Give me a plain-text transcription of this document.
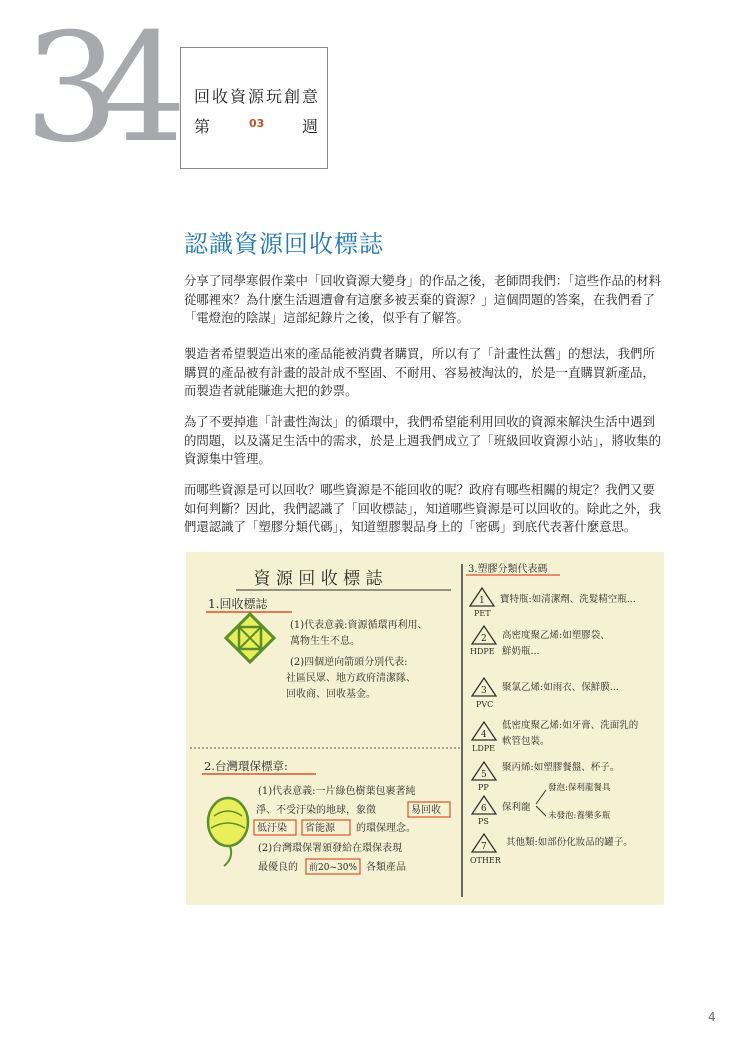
34 回收資源玩創意
第	03 週
認識資源回收標誌

分享了同學寒假作業中「回收資源大變身」的作品之後，老師問我們：「這些作品的材料從哪裡來？為什麼生活週遭會有這麼多被丟棄的資源？」這個問題的答案，在我們看了「電燈泡的陰謀」這部紀錄片之後，似乎有了解答。

製造者希望製造出來的產品能被消費者購買，所以有了「計畫性汰舊」的想法，我們所購買的產品被有計畫的設計成不堅固、不耐用、容易被淘汰的，於是一直購買新產品，而製造者就能賺進大把的鈔票。

為了不要掉進「計畫性淘汰」的循環中，我們希望能利用回收的資源來解決生活中遇到的問題，以及滿足生活中的需求，於是上週我們成立了「班級回收資源小站」，將收集的資源集中管理。

而哪些資源是可以回收？哪些資源是不能回收的呢？政府有哪些相關的規定？我們又要如何判斷？因此，我們認識了「回收標誌」，知道哪些資源是可以回收的。除此之外，我們還認識了「塑膠分類代碼」，知道塑膠製品身上的「密碼」到底代表著什麼意思。

資 源 回 收 標 誌
1.回收標誌
(1)代表意義:資源循環再利用、
萬物生生不息。
(2)四個逆向箭頭分別代表:
社區民眾、地方政府清潔隊、
回收商、回收基金。
2.台灣環保標章:
(1)代表意義:一片綠色樹葉包裹著純
淨、不受汙染的地球，象徵	易回收
低汙染 省能源 的環保理念。
(2)台灣環保署頒發給在環保表現
最優良的 前20~30% 各類產品
3.塑膠分類代表碼
1
PET
寶特瓶:如清潔劑、洗髮精空瓶...
2
HDPE
高密度聚乙烯:如塑膠袋、
鮮奶瓶...
3
PVC
聚氯乙烯:如雨衣、保鮮膜...
4
LDPE
低密度聚乙烯:如牙膏、洗面乳的
軟管包裝。
5
PP
聚丙烯:如塑膠餐盤、杯子。
6
PS
保利龍
發泡:保利龍餐具
未發泡:養樂多瓶
7
OTHER
其他類:如部份化妝品的罐子。
4
